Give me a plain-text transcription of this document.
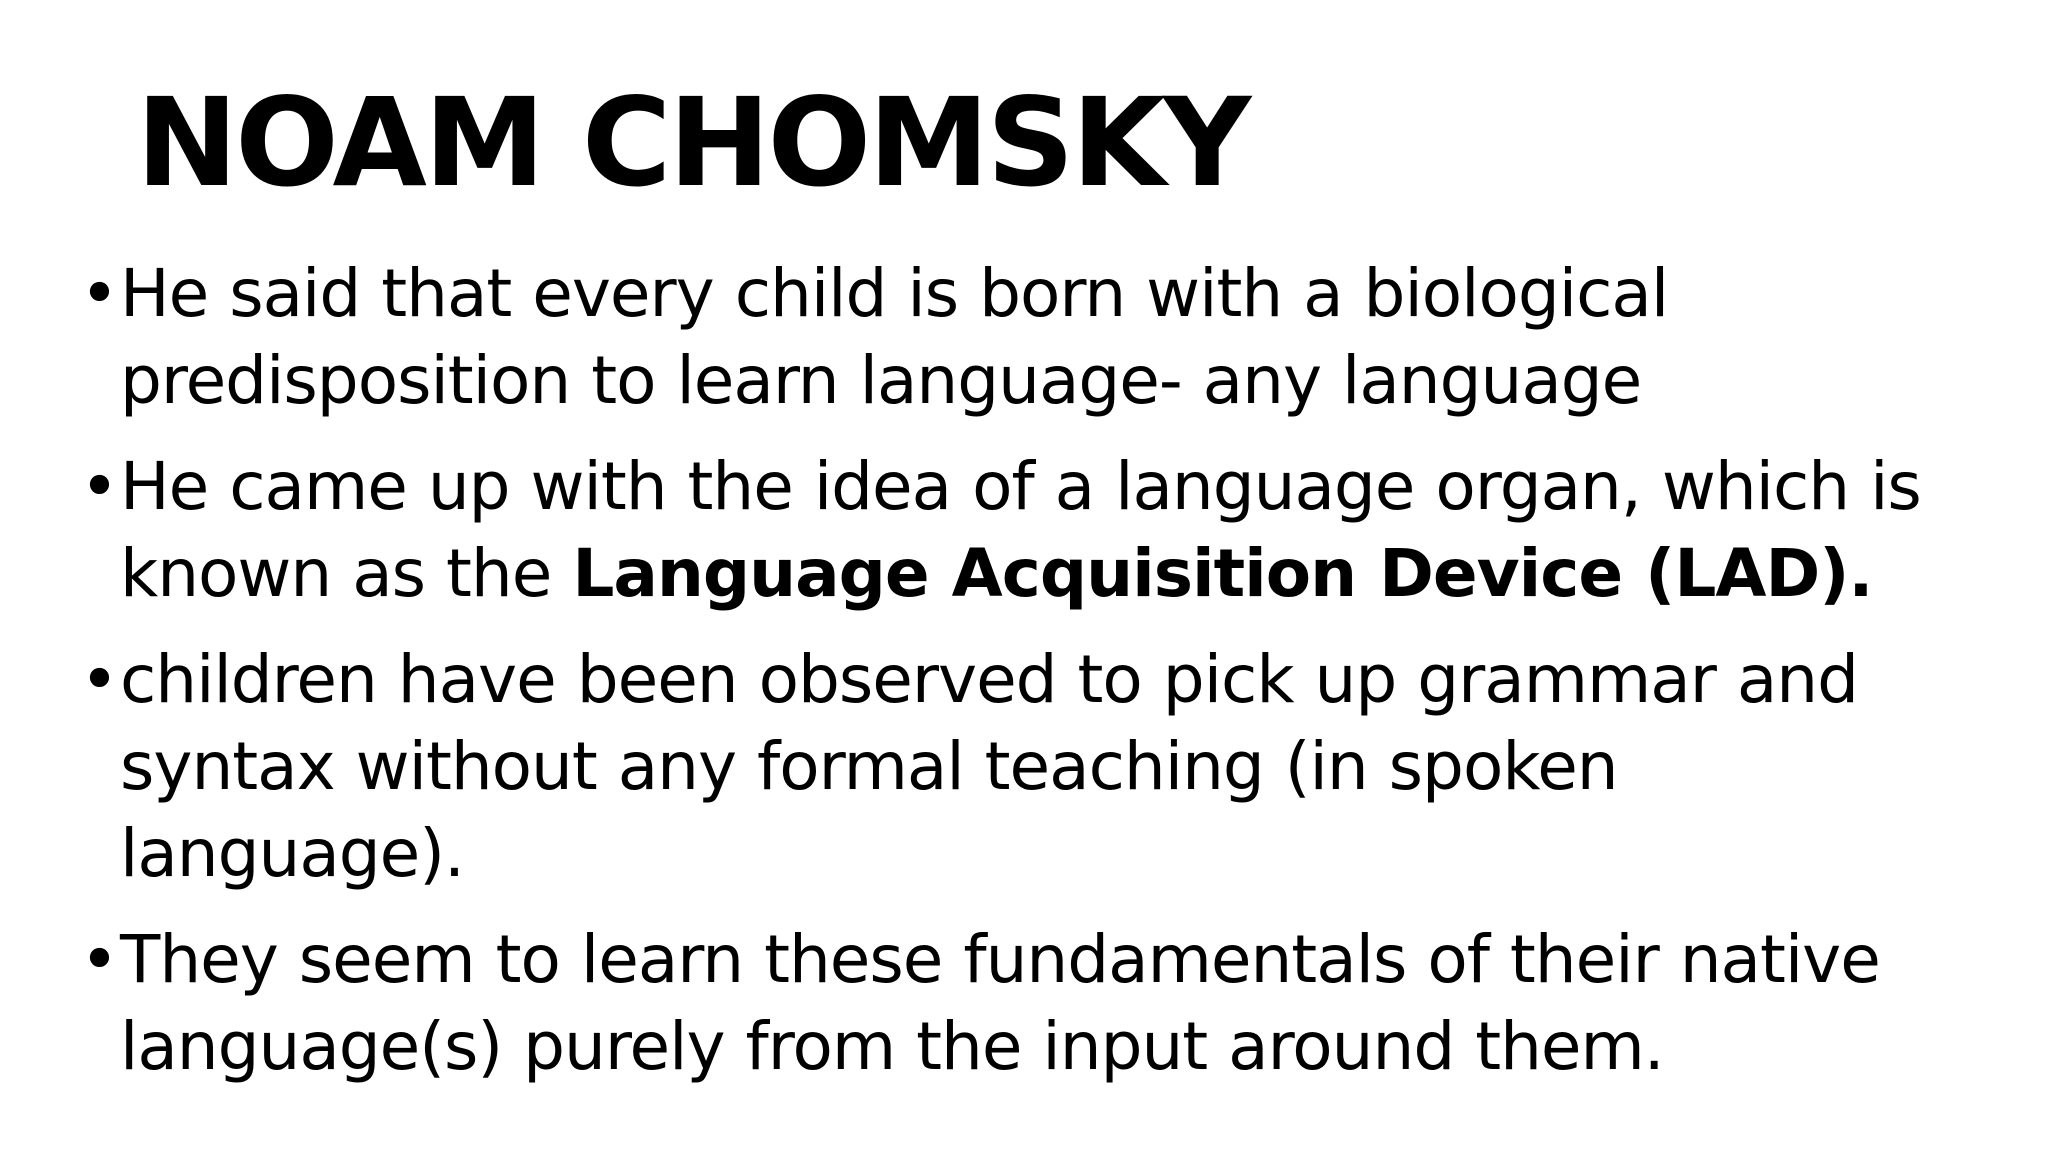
NOAM CHOMSKY
• He said that every child is born with a biological
predisposition to learn language- any language
• He came up with the idea of a language organ, which is
known as the Language Acquisition Device (LAD).
• children have been observed to pick up grammar and
syntax without any formal teaching (in spoken
language).
• They seem to learn these fundamentals of their native
language(s) purely from the input around them.
